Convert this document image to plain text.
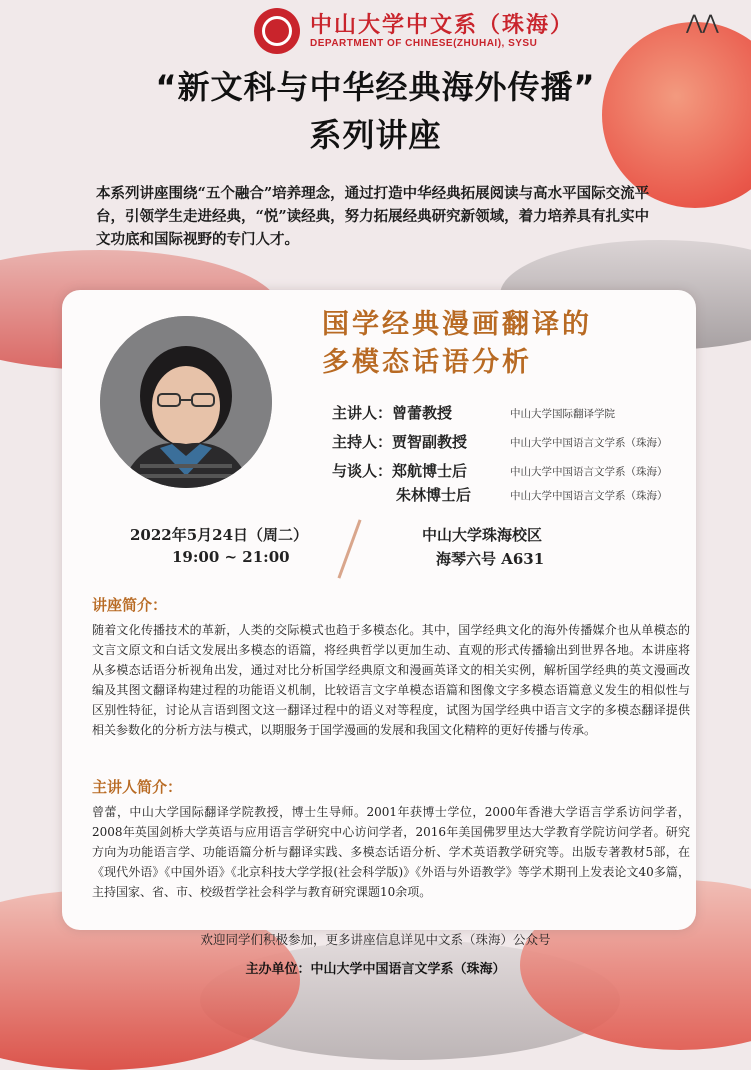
中山大学中文系（珠海）
DEPARTMENT OF CHINESE(ZHUHAI), SYSU
⋀⋀
“新文科与中华经典海外传播”
系列讲座
本系列讲座围绕“五个融合”培养理念，通过打造中华经典拓展阅读与高水平国际交流平台，引领学生走进经典，“悦”读经典，努力拓展经典研究新领域，着力培养具有扎实中文功底和国际视野的专门人才。
国学经典漫画翻译的
多模态话语分析
主讲人：曾蕾教授	中山大学国际翻译学院
主持人：贾智副教授	中山大学中国语言文学系（珠海）
与谈人：郑航博士后	中山大学中国语言文学系（珠海）
朱林博士后	中山大学中国语言文学系（珠海）
2022年5月24日（周二）
19:00 ~ 21:00
中山大学珠海校区
海琴六号 A631
讲座简介：
随着文化传播技术的革新，人类的交际模式也趋于多模态化。其中，国学经典文化的海外传播媒介也从单模态的文言文原文和白话文发展出多模态的语篇，将经典哲学以更加生动、直观的形式传播输出到世界各地。本讲座将从多模态话语分析视角出发，通过对比分析国学经典原文和漫画英译文的相关实例，解析国学经典的英文漫画改编及其图文翻译构建过程的功能语义机制，比较语言文字单模态语篇和图像文字多模态语篇意义发生的相似性与区别性特征，讨论从言语到图文这一翻译过程中的语义对等程度，试图为国学经典中语言文字的多模态翻译提供相关参数化的分析方法与模式，以期服务于国学漫画的发展和我国文化精粹的更好传播与传承。
主讲人简介：
曾蕾，中山大学国际翻译学院教授，博士生导师。2001年获博士学位，2000年香港大学语言学系访问学者，2008年英国剑桥大学英语与应用语言学研究中心访问学者，2016年美国佛罗里达大学教育学院访问学者。研究方向为功能语言学、功能语篇分析与翻译实践、多模态话语分析、学术英语教学研究等。出版专著教材5部，在《现代外语》《中国外语》《北京科技大学学报(社会科学版)》《外语与外语教学》等学术期刊上发表论文40多篇，主持国家、省、市、校级哲学社会科学与教育研究课题10余项。
欢迎同学们积极参加，更多讲座信息详见中文系（珠海）公众号
主办单位：中山大学中国语言文学系（珠海）
